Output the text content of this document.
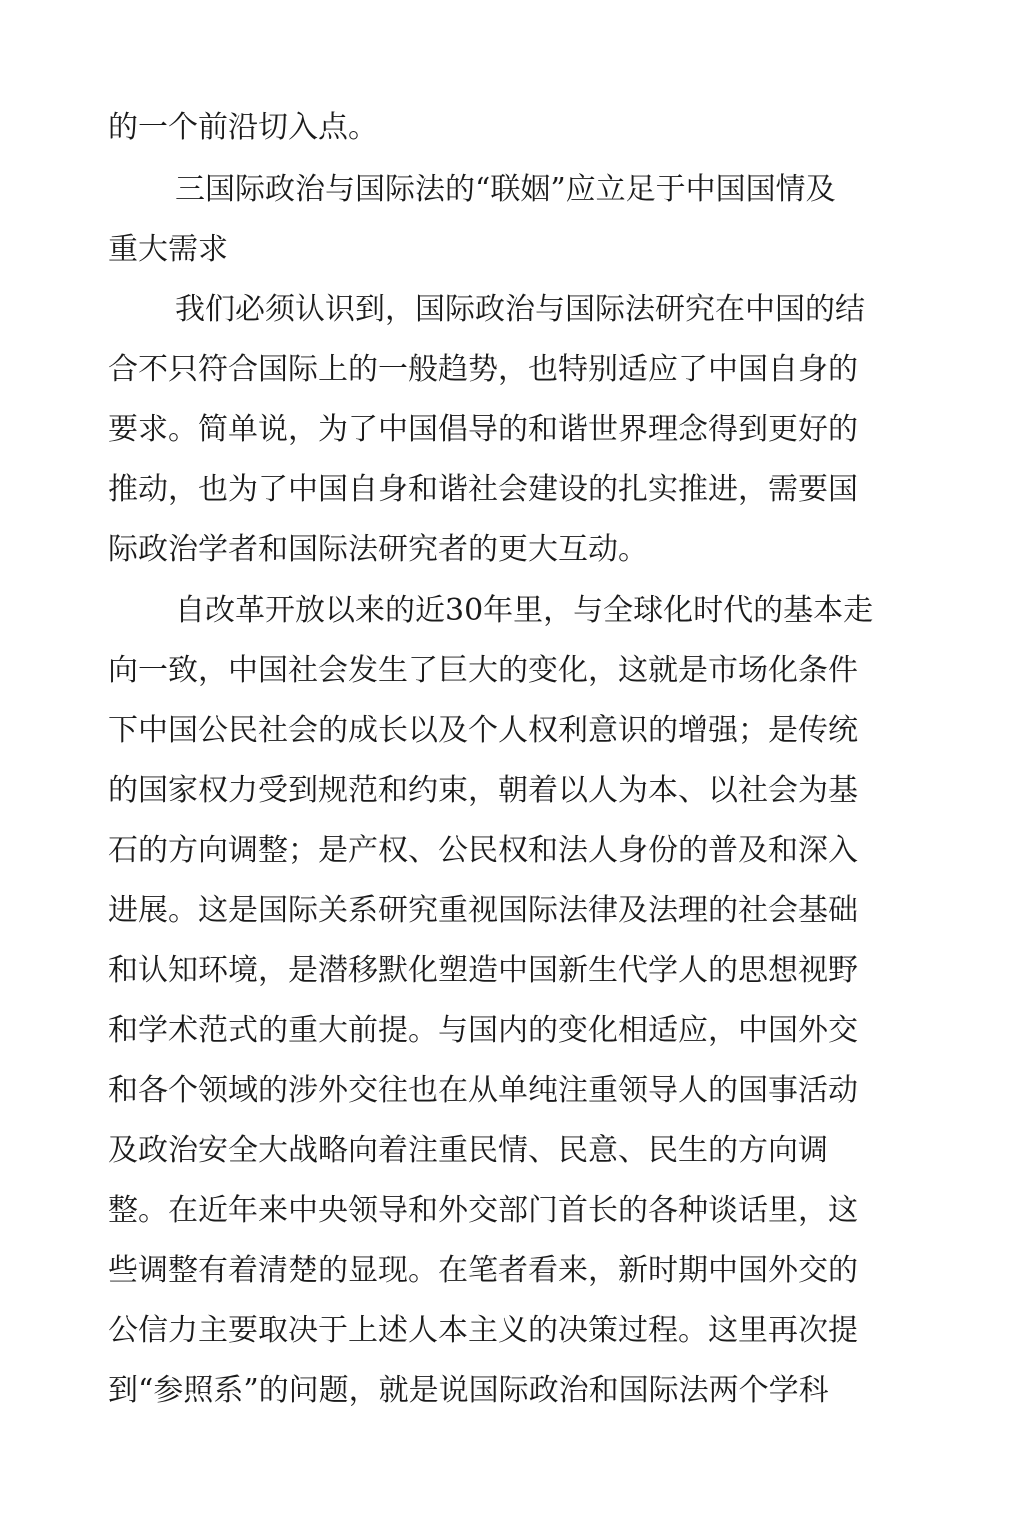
的一个前沿切入点。
三国际政治与国际法的“联姻”应立足于中国国情及
重大需求
我们必须认识到，国际政治与国际法研究在中国的结
合不只符合国际上的一般趋势，也特别适应了中国自身的
要求。简单说，为了中国倡导的和谐世界理念得到更好的
推动，也为了中国自身和谐社会建设的扎实推进，需要国
际政治学者和国际法研究者的更大互动。
自改革开放以来的近30年里，与全球化时代的基本走
向一致，中国社会发生了巨大的变化，这就是市场化条件
下中国公民社会的成长以及个人权利意识的增强；是传统
的国家权力受到规范和约束，朝着以人为本、以社会为基
石的方向调整；是产权、公民权和法人身份的普及和深入
进展。这是国际关系研究重视国际法律及法理的社会基础
和认知环境，是潜移默化塑造中国新生代学人的思想视野
和学术范式的重大前提。与国内的变化相适应，中国外交
和各个领域的涉外交往也在从单纯注重领导人的国事活动
及政治安全大战略向着注重民情、民意、民生的方向调
整。在近年来中央领导和外交部门首长的各种谈话里，这
些调整有着清楚的显现。在笔者看来，新时期中国外交的
公信力主要取决于上述人本主义的决策过程。这里再次提
到“参照系”的问题，就是说国际政治和国际法两个学科
